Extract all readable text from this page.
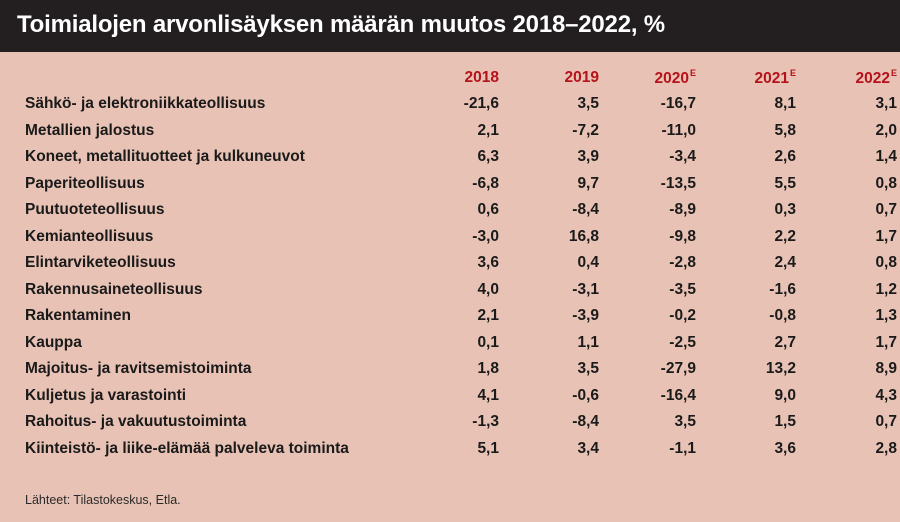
Toimialojen arvonlisäyksen määrän muutos 2018–2022, %
	2018	2019	$2020^E$	$2021^E$	$2022^E$
Sähkö- ja elektroniikkateollisuus	-21,6	3,5	-16,7	8,1	3,1
Metallien jalostus	2,1	-7,2	-11,0	5,8	2,0
Koneet, metallituotteet ja kulkuneuvot	6,3	3,9	-3,4	2,6	1,4
Paperiteollisuus	-6,8	9,7	-13,5	5,5	0,8
Puutuoteteollisuus	0,6	-8,4	-8,9	0,3	0,7
Kemianteollisuus	-3,0	16,8	-9,8	2,2	1,7
Elintarviketeollisuus	3,6	0,4	-2,8	2,4	0,8
Rakennusaineteollisuus	4,0	-3,1	-3,5	-1,6	1,2
Rakentaminen	2,1	-3,9	-0,2	-0,8	1,3
Kauppa	0,1	1,1	-2,5	2,7	1,7
Majoitus- ja ravitsemistoiminta	1,8	3,5	-27,9	13,2	8,9
Kuljetus ja varastointi	4,1	-0,6	-16,4	9,0	4,3
Rahoitus- ja vakuutustoiminta	-1,3	-8,4	3,5	1,5	0,7
Kiinteistö- ja liike-elämää palveleva toiminta	5,1	3,4	-1,1	3,6	2,8
Lähteet: Tilastokeskus, Etla.
